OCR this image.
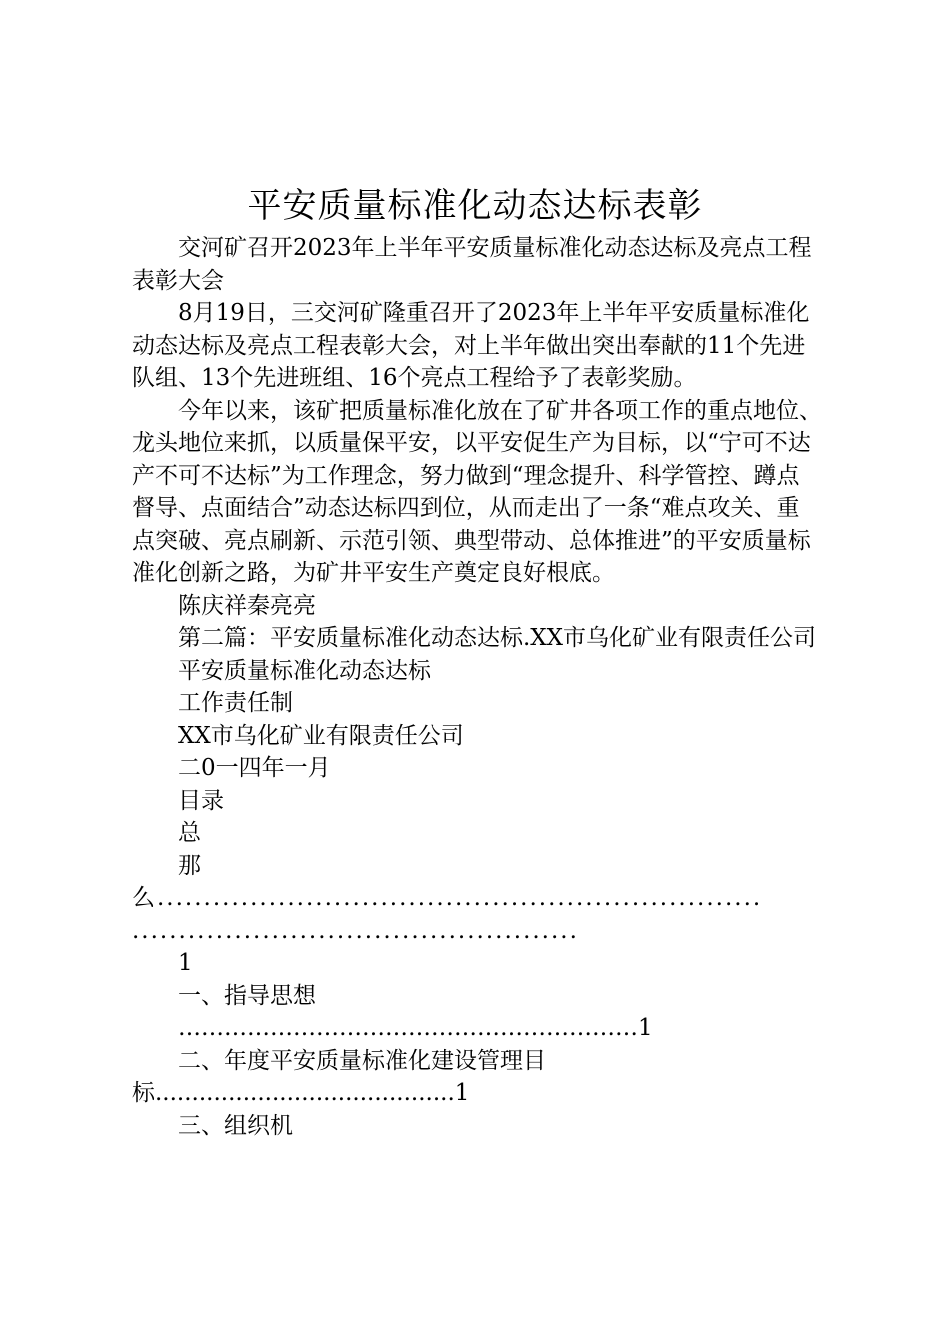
平安质量标准化动态达标表彰

交河矿召开2023年上半年平安质量标准化动态达标及亮点工程表彰大会

8月19日，三交河矿隆重召开了2023年上半年平安质量标准化动态达标及亮点工程表彰大会，对上半年做出突出奉献的11个先进队组、13个先进班组、16个亮点工程给予了表彰奖励。

今年以来，该矿把质量标准化放在了矿井各项工作的重点地位、龙头地位来抓，以质量保平安，以平安促生产为目标，以“宁可不达产不可不达标”为工作理念，努力做到“理念提升、科学管控、蹲点督导、点面结合”动态达标四到位，从而走出了一条“难点攻关、重点突破、亮点刷新、示范引领、典型带动、总体推进”的平安质量标准化创新之路，为矿井平安生产奠定良好根底。

陈庆祥秦亮亮

第二篇：平安质量标准化动态达标.XX市乌化矿业有限责任公司

平安质量标准化动态达标

工作责任制

XX市乌化矿业有限责任公司

二0一四年一月

目录

总

那

么.................................................................

................................................

1

一、指导思想

……………………………………………………1

二、年度平安质量标准化建设管理目

标.........................................1

三、组织机
